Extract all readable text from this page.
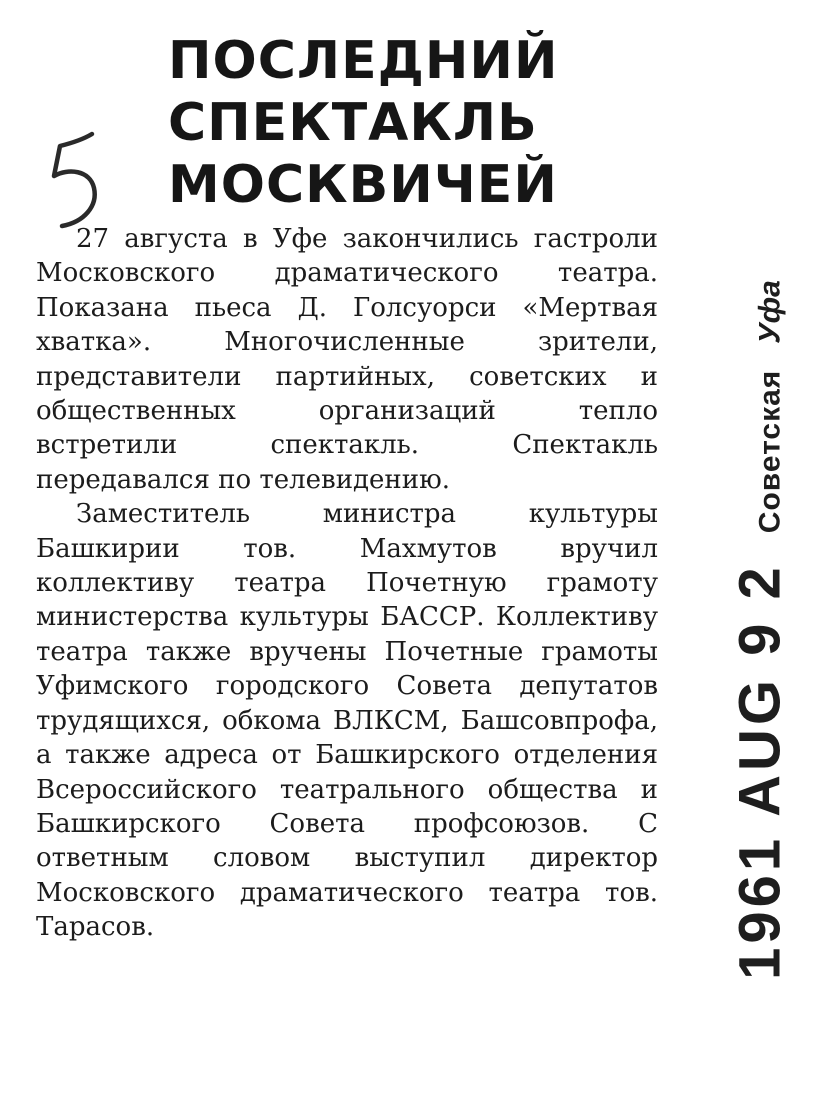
ПОСЛЕДНИЙ
СПЕКТАКЛЬ
МОСКВИЧЕЙ

27 августа в Уфе закончились гастроли Московского драматического театра. Показана пьеса Д. Голсуорси «Мертвая хватка». Многочисленные зрители, представители партийных, советских и общественных организаций тепло встретили спектакль. Спектакль передавался по телевидению.

Заместитель министра культуры Башкирии тов. Махмутов вручил коллективу театра Почетную грамоту министерства культуры БАССР. Коллективу театра также вручены Почетные грамоты Уфимского городского Совета депутатов трудящихся, обкома ВЛКСМ, Башсовпрофа, а также адреса от Башкирского отделения Всероссийского театрального общества и Башкирского Совета профсоюзов. С ответным словом выступил директор Московского драматического театра тов. Тарасов.	1961 AUG 9 2СоветскаяУфа
